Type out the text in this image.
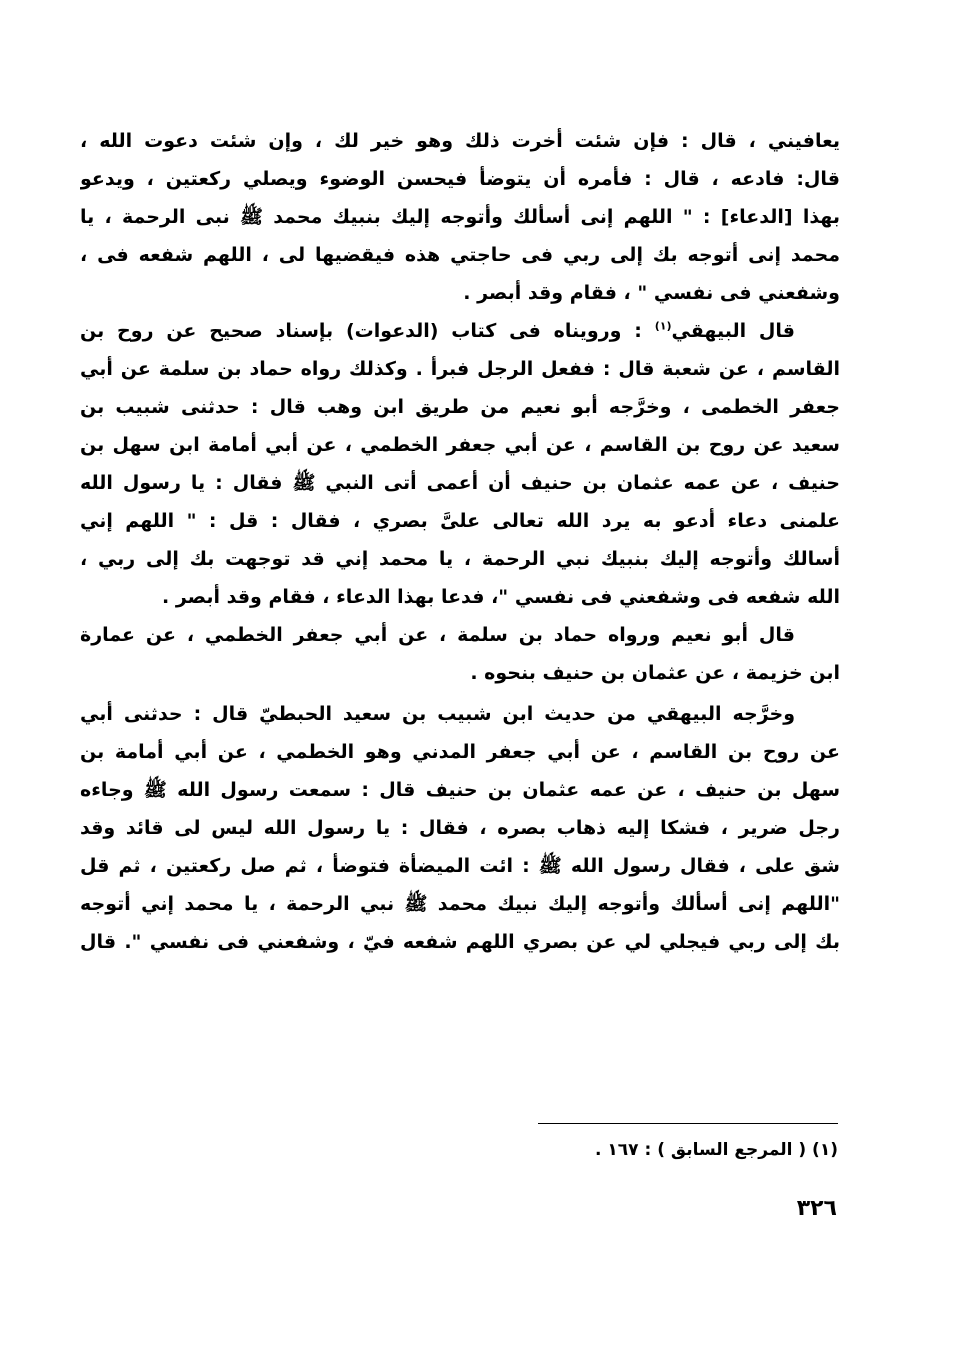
يعافيني ، قال : فإن شئت أخرت ذلك وهو خير لك ، وإن شئت دعوت الله ،
قال: فادعه ، قال : فأمره أن يتوضأ فيحسن الوضوء ويصلي ركعتين ، ويدعو
بهذا [الدعاء] : " اللهم إنى أسألك وأتوجه إليك بنبيك محمد ﷺ نبى الرحمة ، يا
محمد إنى أتوجه بك إلى ربي فى حاجتي هذه فيقضيها لى ، اللهم شفعه فى ،
وشفعني فى نفسي " ، فقام وقد أبصر .
قال البيهقي$^{(١)}$ : ورويناه فى كتاب (الدعوات) بإسناد صحيح عن روح بن
القاسم ، عن شعبة قال : ففعل الرجل فبرأ . وكذلك رواه حماد بن سلمة عن أبي
جعفر الخطمى ، وخرَّجه أبو نعيم من طريق ابن وهب قال : حدثنى شبيب بن
سعيد عن روح بن القاسم ، عن أبي جعفر الخطمي ، عن أبي أمامة ابن سهل بن
حنيف ، عن عمه عثمان بن حنيف أن أعمى أتى النبي ﷺ فقال : يا رسول الله
علمنى دعاء أدعو به يرد الله تعالى علىَّ بصري ، فقال : قل : " اللهم إني
أسالك وأتوجه إليك بنبيك نبي الرحمة ، يا محمد إني قد توجهت بك إلى ربي ،
الله شفعه فى وشفعني فى نفسي "، فدعا بهذا الدعاء ، فقام وقد أبصر .
قال أبو نعيم ورواه حماد بن سلمة ، عن أبي جعفر الخطمي ، عن عمارة
ابن خزيمة ، عن عثمان بن حنيف بنحوه .
وخرَّجه البيهقي من حديث ابن شبيب بن سعيد الحبطيّ قال : حدثنى أبي
عن روح بن القاسم ، عن أبي جعفر المدني وهو الخطمي ، عن أبي أمامة بن
سهل بن حنيف ، عن عمه عثمان بن حنيف قال : سمعت رسول الله ﷺ وجاءه
رجل ضرير ، فشكا إليه ذهاب بصره ، فقال : يا رسول الله ليس لى قائد وقد
شق على ، فقال رسول الله ﷺ : ائت الميضأة فتوضأ ، ثم صل ركعتين ، ثم قل
"اللهم إنى أسألك وأتوجه إليك نبيك محمد ﷺ نبي الرحمة ، يا محمد إني أتوجه
بك إلى ربي فيجلي لي عن بصري اللهم شفعه فيّ ، وشفعني فى نفسي ". قال
(١) ( المرجع السابق ) : ١٦٧ .
٣٢٦
